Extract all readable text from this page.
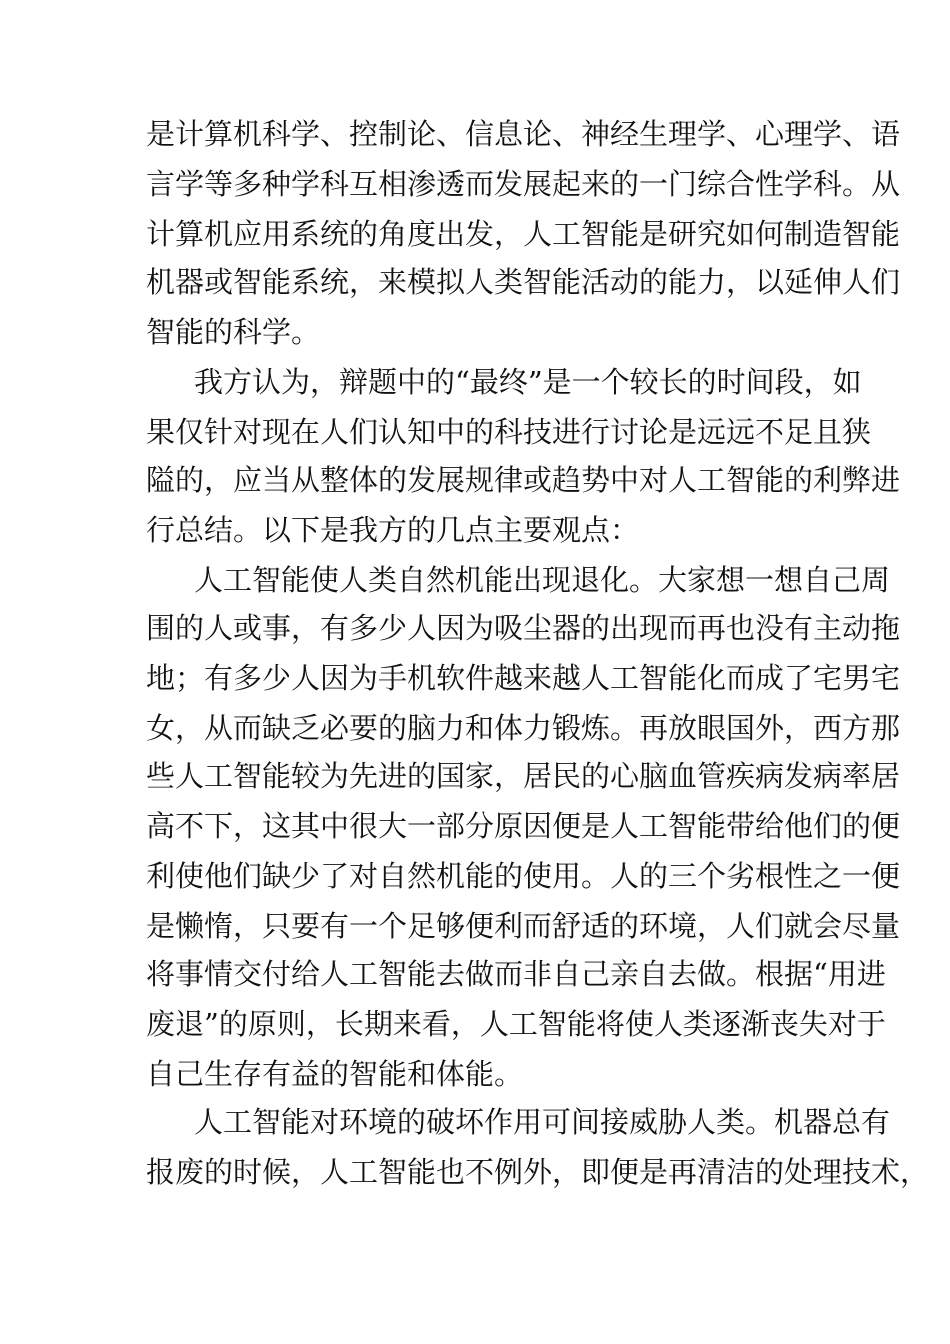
是计算机科学、控制论、信息论、神经生理学、心理学、语
言学等多种学科互相渗透而发展起来的一门综合性学科。从
计算机应用系统的角度出发，人工智能是研究如何制造智能
机器或智能系统，来模拟人类智能活动的能力，以延伸人们
智能的科学。
我方认为，辩题中的“最终”是一个较长的时间段，如
果仅针对现在人们认知中的科技进行讨论是远远不足且狭
隘的，应当从整体的发展规律或趋势中对人工智能的利弊进
行总结。以下是我方的几点主要观点：
人工智能使人类自然机能出现退化。大家想一想自己周
围的人或事，有多少人因为吸尘器的出现而再也没有主动拖
地；有多少人因为手机软件越来越人工智能化而成了宅男宅
女，从而缺乏必要的脑力和体力锻炼。再放眼国外，西方那
些人工智能较为先进的国家，居民的心脑血管疾病发病率居
高不下，这其中很大一部分原因便是人工智能带给他们的便
利使他们缺少了对自然机能的使用。人的三个劣根性之一便
是懒惰，只要有一个足够便利而舒适的环境，人们就会尽量
将事情交付给人工智能去做而非自己亲自去做。根据“用进
废退”的原则，长期来看，人工智能将使人类逐渐丧失对于
自己生存有益的智能和体能。
人工智能对环境的破坏作用可间接威胁人类。机器总有
报废的时候，人工智能也不例外，即便是再清洁的处理技术，
